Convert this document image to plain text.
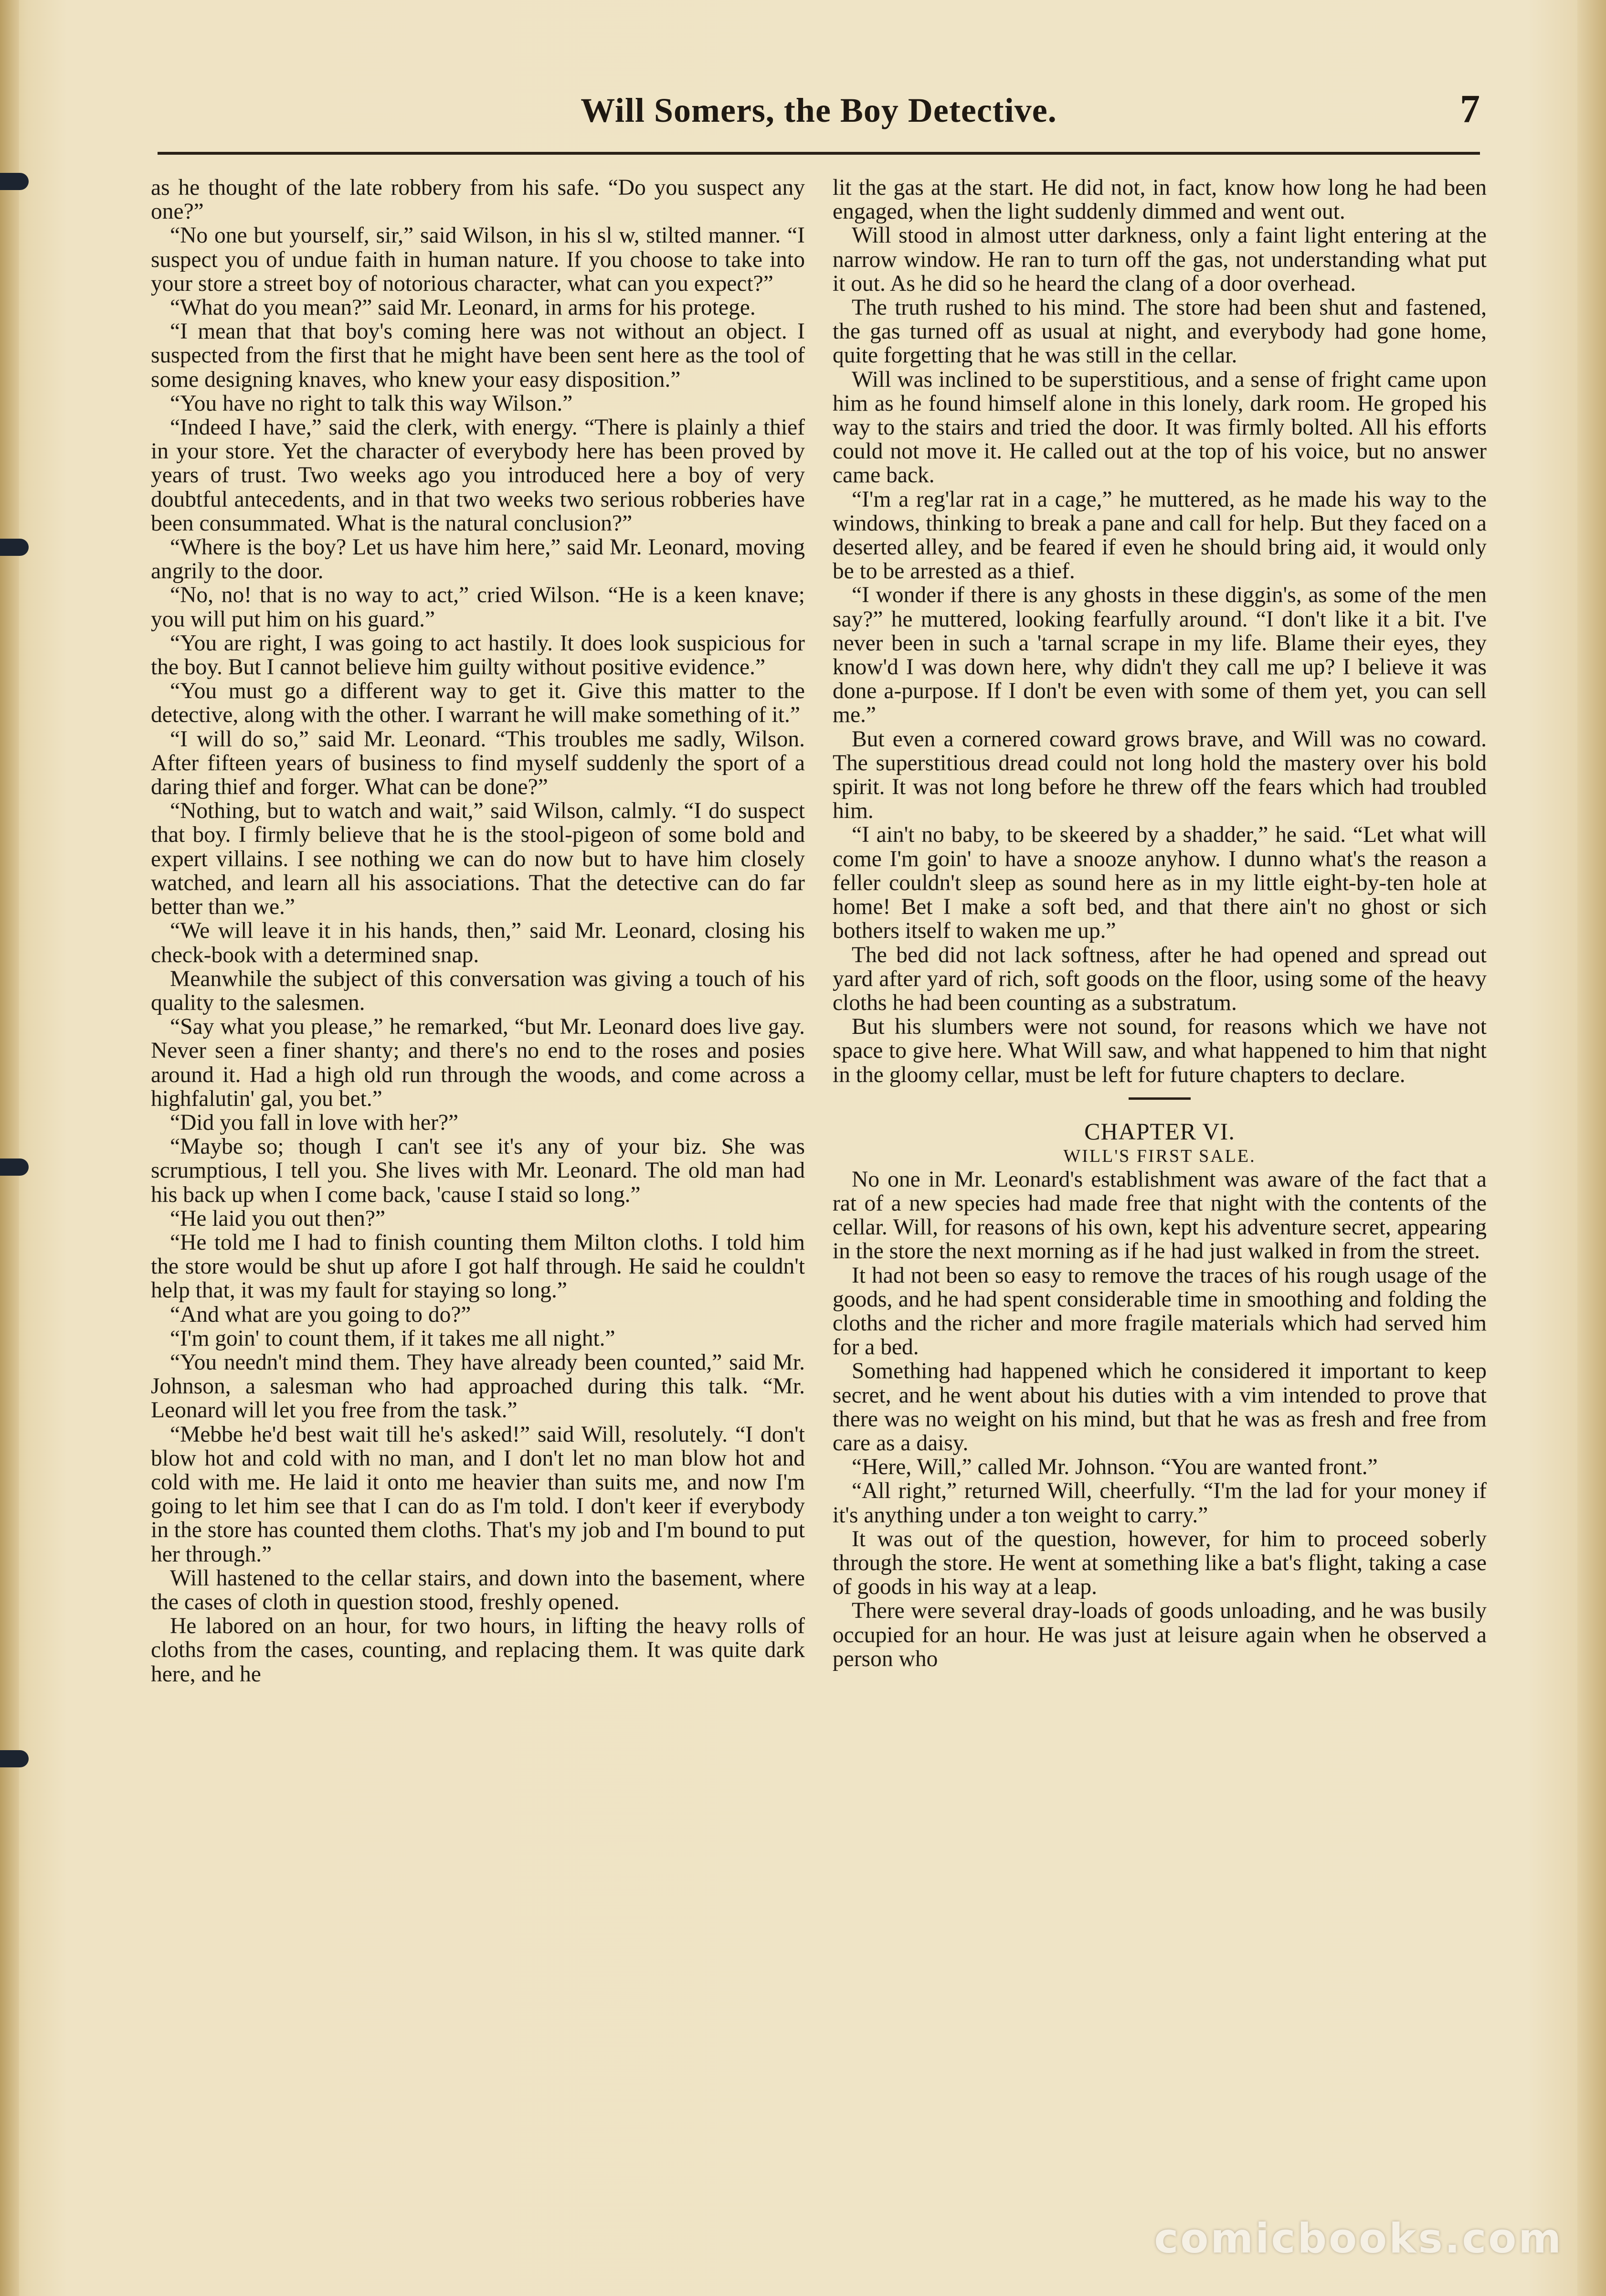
Will Somers, the Boy Detective.	7

as he thought of the late robbery from his safe. “Do you suspect any one?”

“No one but yourself, sir,” said Wilson, in his sl w, stilted manner. “I suspect you of undue faith in human nature. If you choose to take into your store a street boy of notorious character, what can you expect?”

“What do you mean?” said Mr. Leonard, in arms for his protege.

“I mean that that boy's coming here was not without an object. I suspected from the first that he might have been sent here as the tool of some designing knaves, who knew your easy disposition.”

“You have no right to talk this way Wilson.”

“Indeed I have,” said the clerk, with energy. “There is plainly a thief in your store. Yet the character of everybody here has been proved by years of trust. Two weeks ago you introduced here a boy of very doubtful antecedents, and in that two weeks two serious robberies have been consummated. What is the natural conclusion?”

“Where is the boy? Let us have him here,” said Mr. Leonard, moving angrily to the door.

“No, no! that is no way to act,” cried Wilson. “He is a keen knave; you will put him on his guard.”

“You are right, I was going to act hastily. It does look suspicious for the boy. But I cannot believe him guilty without positive evidence.”

“You must go a different way to get it. Give this matter to the detective, along with the other. I warrant he will make something of it.”

“I will do so,” said Mr. Leonard. “This troubles me sadly, Wilson. After fifteen years of business to find myself suddenly the sport of a daring thief and forger. What can be done?”

“Nothing, but to watch and wait,” said Wilson, calmly. “I do suspect that boy. I firmly believe that he is the stool-pigeon of some bold and expert villains. I see nothing we can do now but to have him closely watched, and learn all his associations. That the detective can do far better than we.”

“We will leave it in his hands, then,” said Mr. Leonard, closing his check-book with a determined snap.

Meanwhile the subject of this conversation was giving a touch of his quality to the salesmen.

“Say what you please,” he remarked, “but Mr. Leonard does live gay. Never seen a finer shanty; and there's no end to the roses and posies around it. Had a high old run through the woods, and come across a highfalutin' gal, you bet.”

“Did you fall in love with her?”

“Maybe so; though I can't see it's any of your biz. She was scrumptious, I tell you. She lives with Mr. Leonard. The old man had his back up when I come back, 'cause I staid so long.”

“He laid you out then?”

“He told me I had to finish counting them Milton cloths. I told him the store would be shut up afore I got half through. He said he couldn't help that, it was my fault for staying so long.”

“And what are you going to do?”

“I'm goin' to count them, if it takes me all night.”

“You needn't mind them. They have already been counted,” said Mr. Johnson, a salesman who had approached during this talk. “Mr. Leonard will let you free from the task.”

“Mebbe he'd best wait till he's asked!” said Will, resolutely. “I don't blow hot and cold with no man, and I don't let no man blow hot and cold with me. He laid it onto me heavier than suits me, and now I'm going to let him see that I can do as I'm told. I don't keer if everybody in the store has counted them cloths. That's my job and I'm bound to put her through.”

Will hastened to the cellar stairs, and down into the basement, where the cases of cloth in question stood, freshly opened.

He labored on an hour, for two hours, in lifting the heavy rolls of cloths from the cases, counting, and replacing them. It was quite dark here, and he

lit the gas at the start. He did not, in fact, know how long he had been engaged, when the light suddenly dimmed and went out.

Will stood in almost utter darkness, only a faint light entering at the narrow window. He ran to turn off the gas, not understanding what put it out. As he did so he heard the clang of a door overhead.

The truth rushed to his mind. The store had been shut and fastened, the gas turned off as usual at night, and everybody had gone home, quite forgetting that he was still in the cellar.

Will was inclined to be superstitious, and a sense of fright came upon him as he found himself alone in this lonely, dark room. He groped his way to the stairs and tried the door. It was firmly bolted. All his efforts could not move it. He called out at the top of his voice, but no answer came back.

“I'm a reg'lar rat in a cage,” he muttered, as he made his way to the windows, thinking to break a pane and call for help. But they faced on a deserted alley, and be feared if even he should bring aid, it would only be to be arrested as a thief.

“I wonder if there is any ghosts in these diggin's, as some of the men say?” he muttered, looking fearfully around. “I don't like it a bit. I've never been in such a 'tarnal scrape in my life. Blame their eyes, they know'd I was down here, why didn't they call me up? I believe it was done a-purpose. If I don't be even with some of them yet, you can sell me.”

But even a cornered coward grows brave, and Will was no coward. The superstitious dread could not long hold the mastery over his bold spirit. It was not long before he threw off the fears which had troubled him.

“I ain't no baby, to be skeered by a shadder,” he said. “Let what will come I'm goin' to have a snooze anyhow. I dunno what's the reason a feller couldn't sleep as sound here as in my little eight-by-ten hole at home! Bet I make a soft bed, and that there ain't no ghost or sich bothers itself to waken me up.”

The bed did not lack softness, after he had opened and spread out yard after yard of rich, soft goods on the floor, using some of the heavy cloths he had been counting as a substratum.

But his slumbers were not sound, for reasons which we have not space to give here. What Will saw, and what happened to him that night in the gloomy cellar, must be left for future chapters to declare.

CHAPTER VI.
WILL'S FIRST SALE.

No one in Mr. Leonard's establishment was aware of the fact that a rat of a new species had made free that night with the contents of the cellar. Will, for reasons of his own, kept his adventure secret, appearing in the store the next morning as if he had just walked in from the street.

It had not been so easy to remove the traces of his rough usage of the goods, and he had spent considerable time in smoothing and folding the cloths and the richer and more fragile materials which had served him for a bed.

Something had happened which he considered it important to keep secret, and he went about his duties with a vim intended to prove that there was no weight on his mind, but that he was as fresh and free from care as a daisy.

“Here, Will,” called Mr. Johnson. “You are wanted front.”

“All right,” returned Will, cheerfully. “I'm the lad for your money if it's anything under a ton weight to carry.”

It was out of the question, however, for him to proceed soberly through the store. He went at something like a bat's flight, taking a case of goods in his way at a leap.

There were several dray-loads of goods unloading, and he was busily occupied for an hour. He was just at leisure again when he observed a person who

comicbooks.com
